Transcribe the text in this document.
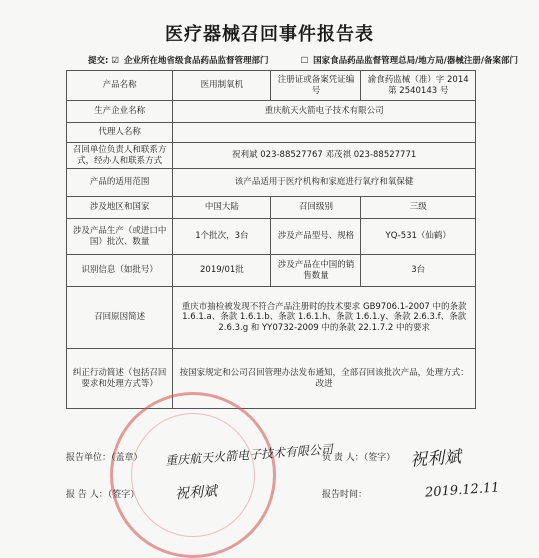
医疗器械召回事件报告表
提交: ☑ 企业所在地省级食品药品监督管理部门	☐ 国家食品药品监督管理总局/地方局/器械注册/备案部门
产品名称	医用制氧机	注册证或备案凭证编号	渝食药监械（准）字 2014 第 2540143 号
生产企业名称	重庆航天火箭电子技术有限公司		
代理人名称			
召回单位负责人和联系方式，经办人和联系方式	祝利斌 023-88527767 邓茂祺 023-88527771		
产品的适用范围	该产品适用于医疗机构和家庭进行氧疗和氧保健		
涉及地区和国家	中国大陆	召回级别	三级
涉及产品生产（或进口中国）批次、数量	1个批次，3台	涉及产品型号、规格	YQ-531（仙鹤）
识别信息（如批号）	2019/01批	涉及产品在中国的销售数量	3台
召回原因简述	重庆市抽检被发现不符合产品注册时的技术要求 GB9706.1-2007 中的条款 1.6.1.a、条款 1.6.1.b、条款 1.6.1.h、条款 1.6.1.y、条款 2.6.3.f、条款 2.6.3.g 和 YY0732-2009 中的条款 22.1.7.2 中的要求		
纠正行动简述（包括召回要求和处理方式等）	按国家规定和公司召回管理办法发布通知，全部召回该批次产品，处理方式：改进		
报告单位：（盖章） 重庆航天火箭电子技术有限公司
负 责 人：（签字） 祝利斌
报 告 人：（签字）	祝利斌	报告时间：	2019.12.11
